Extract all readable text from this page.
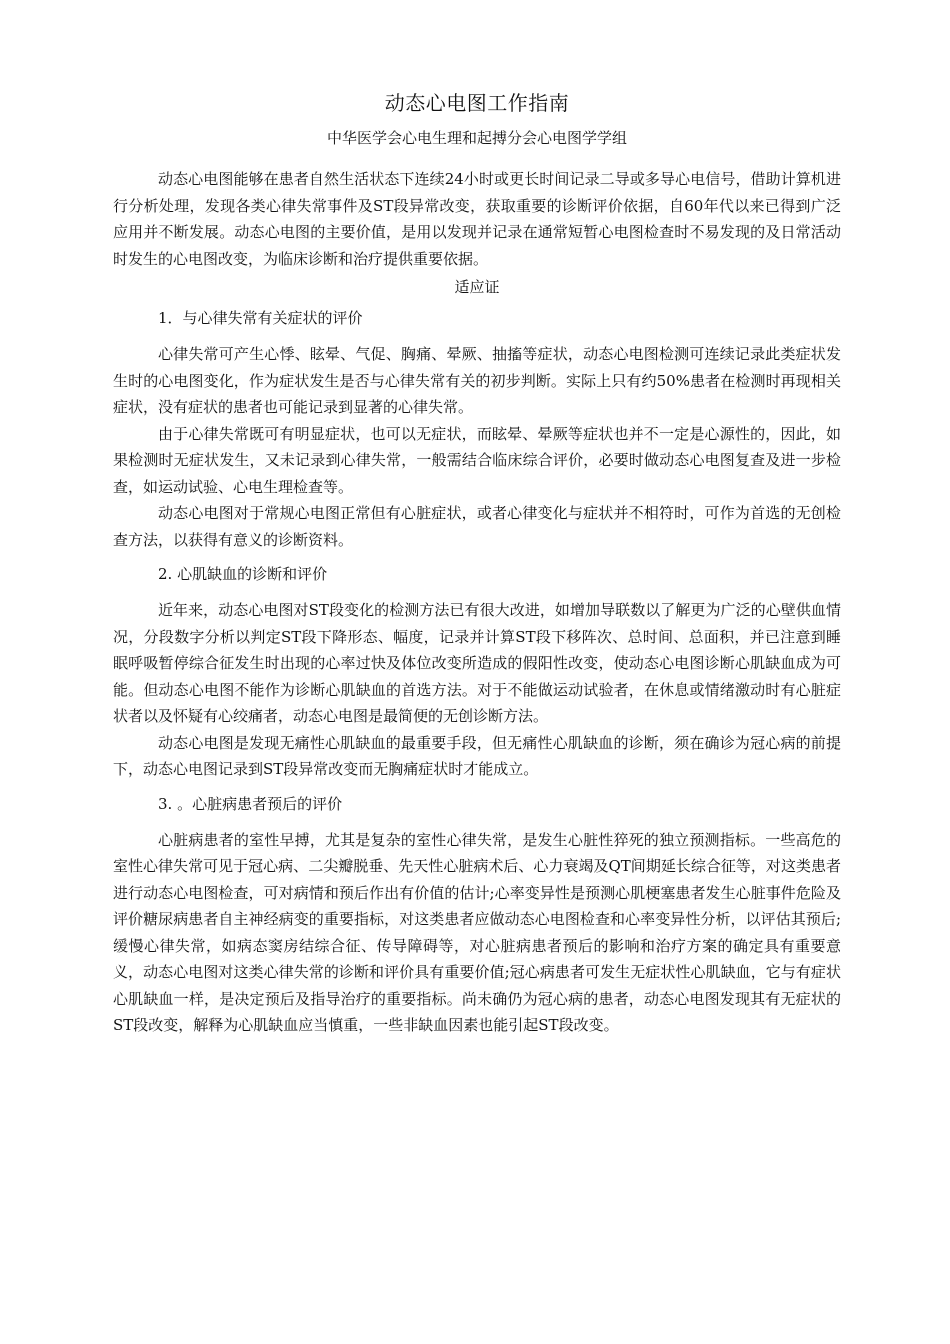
动态心电图工作指南
中华医学会心电生理和起搏分会心电图学学组

动态心电图能够在患者自然生活状态下连续24小时或更长时间记录二导或多导心电信号，借助计算机进行分析处理，发现各类心律失常事件及ST段异常改变，获取重要的诊断评价依据，自60年代以来已得到广泛应用并不断发展。动态心电图的主要价值，是用以发现并记录在通常短暂心电图检查时不易发现的及日常活动时发生的心电图改变，为临床诊断和治疗提供重要依据。

适应证
1．与心律失常有关症状的评价

心律失常可产生心悸、眩晕、气促、胸痛、晕厥、抽搐等症状，动态心电图检测可连续记录此类症状发生时的心电图变化，作为症状发生是否与心律失常有关的初步判断。实际上只有约50%患者在检测时再现相关症状，没有症状的患者也可能记录到显著的心律失常。

由于心律失常既可有明显症状，也可以无症状，而眩晕、晕厥等症状也并不一定是心源性的，因此，如果检测时无症状发生，又未记录到心律失常，一般需结合临床综合评价，必要时做动态心电图复查及进一步检查，如运动试验、心电生理检查等。

动态心电图对于常规心电图正常但有心脏症状，或者心律变化与症状并不相符时，可作为首选的无创检查方法，以获得有意义的诊断资料。

2. 心肌缺血的诊断和评价

近年来，动态心电图对ST段变化的检测方法已有很大改进，如增加导联数以了解更为广泛的心壁供血情况，分段数字分析以判定ST段下降形态、幅度，记录并计算ST段下移阵次、总时间、总面积，并已注意到睡眠呼吸暂停综合征发生时出现的心率过快及体位改变所造成的假阳性改变，使动态心电图诊断心肌缺血成为可能。但动态心电图不能作为诊断心肌缺血的首选方法。对于不能做运动试验者，在休息或情绪激动时有心脏症状者以及怀疑有心绞痛者，动态心电图是最简便的无创诊断方法。

动态心电图是发现无痛性心肌缺血的最重要手段，但无痛性心肌缺血的诊断，须在确诊为冠心病的前提下，动态心电图记录到ST段异常改变而无胸痛症状时才能成立。

3. 。心脏病患者预后的评价

心脏病患者的室性早搏，尤其是复杂的室性心律失常，是发生心脏性猝死的独立预测指标。一些高危的室性心律失常可见于冠心病、二尖瓣脱垂、先天性心脏病术后、心力衰竭及QT间期延长综合征等，对这类患者进行动态心电图检查，可对病情和预后作出有价值的估计;心率变异性是预测心肌梗塞患者发生心脏事件危险及评价糖尿病患者自主神经病变的重要指标，对这类患者应做动态心电图检查和心率变异性分析，以评估其预后;缓慢心律失常，如病态窦房结综合征、传导障碍等，对心脏病患者预后的影响和治疗方案的确定具有重要意义，动态心电图对这类心律失常的诊断和评价具有重要价值;冠心病患者可发生无症状性心肌缺血，它与有症状心肌缺血一样，是决定预后及指导治疗的重要指标。尚未确仍为冠心病的患者，动态心电图发现其有无症状的ST段改变，解释为心肌缺血应当慎重，一些非缺血因素也能引起ST段改变。
